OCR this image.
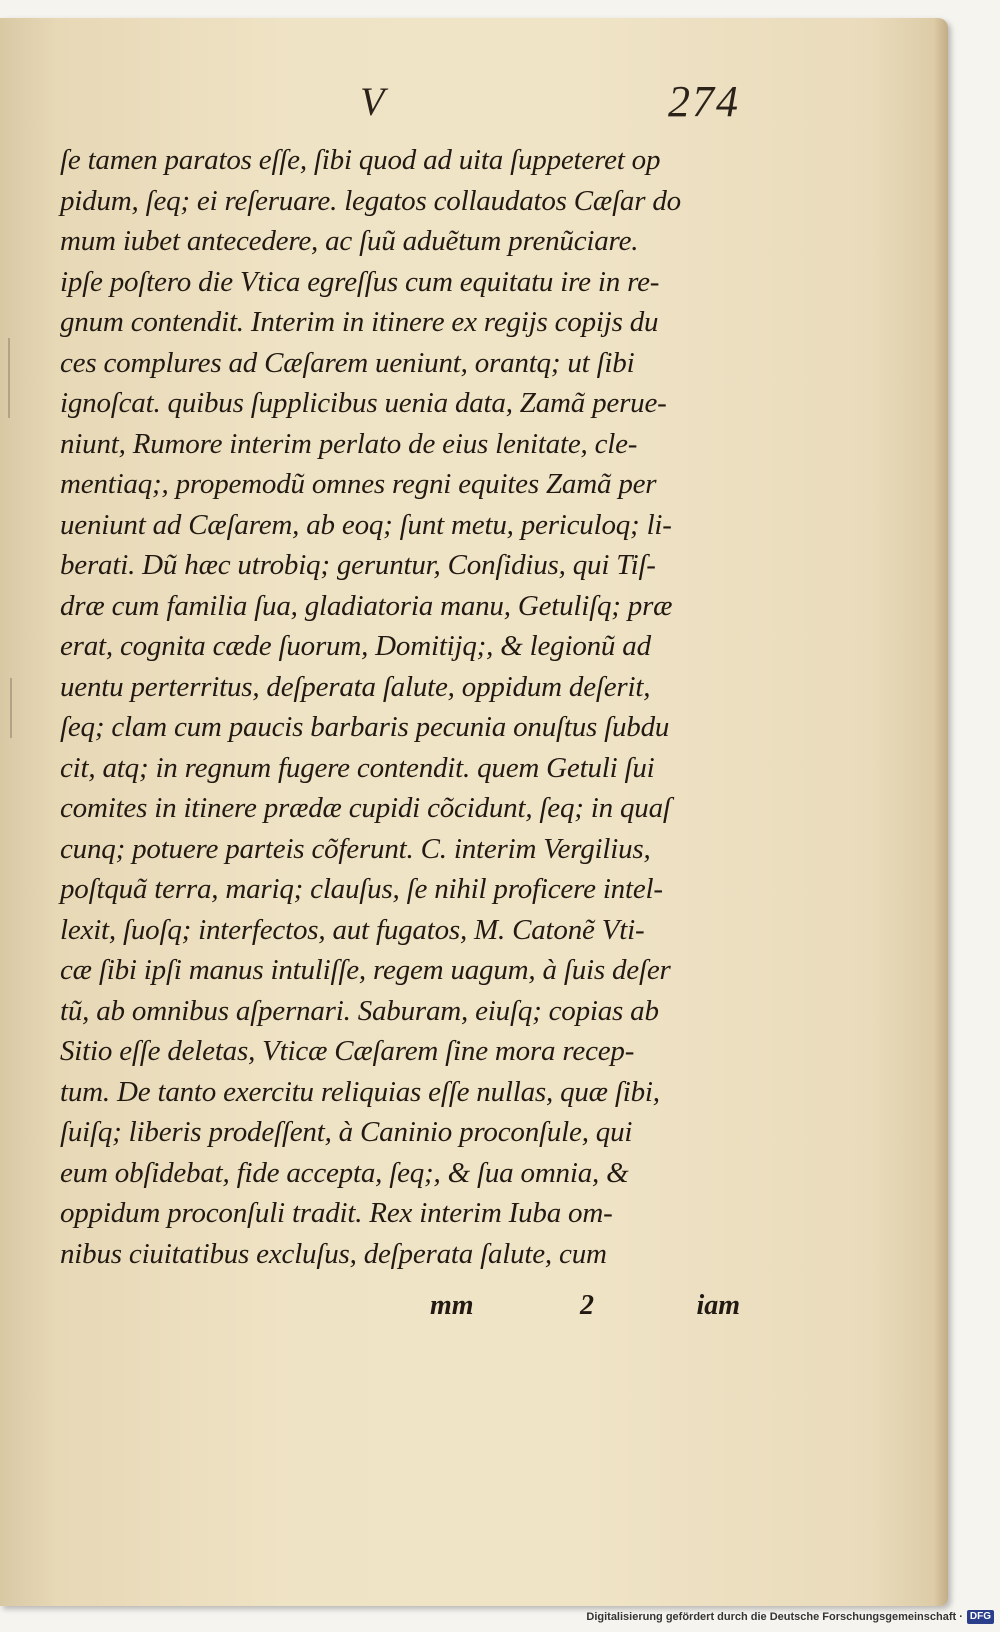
V	274
ſe tamen paratos eſſe, ſibi quod ad uita ſuppeteret op
pidum, ſeq; ei reſeruare. legatos collaudatos Cæſar do
mum iubet antecedere, ac ſuũ aduẽtum prenũciare.
ipſe poſtero die Vtica egreſſus cum equitatu ire in re-
gnum contendit. Interim in itinere ex regijs copijs du
ces complures ad Cæſarem ueniunt, orantq; ut ſibi
ignoſcat. quibus ſupplicibus uenia data, Zamã perue-
niunt, Rumore interim perlato de eius lenitate, cle-
mentiaq;, propemodũ omnes regni equites Zamã per
ueniunt ad Cæſarem, ab eoq; ſunt metu, periculoq; li-
berati. Dũ hæc utrobiq; geruntur, Conſidius, qui Tiſ-
dræ cum familia ſua, gladiatoria manu, Getuliſq; præ
erat, cognita cæde ſuorum, Domitijq;, & legionũ ad
uentu perterritus, deſperata ſalute, oppidum deſerit,
ſeq; clam cum paucis barbaris pecunia onuſtus ſubdu
cit, atq; in regnum fugere contendit. quem Getuli ſui
comites in itinere prædæ cupidi cõcidunt, ſeq; in quaſ
cunq; potuere parteis cõferunt. C. interim Vergilius,
poſtquã terra, mariq; clauſus, ſe nihil proficere intel-
lexit, ſuoſq; interfectos, aut fugatos, M. Catonẽ Vti-
cæ ſibi ipſi manus intuliſſe, regem uagum, à ſuis deſer
tũ, ab omnibus aſpernari. Saburam, eiuſq; copias ab
Sitio eſſe deletas, Vticæ Cæſarem ſine mora recep-
tum. De tanto exercitu reliquias eſſe nullas, quæ ſibi,
ſuiſq; liberis prodeſſent, à Caninio proconſule, qui
eum obſidebat, fide accepta, ſeq;, & ſua omnia, &
oppidum proconſuli tradit. Rex interim Iuba om-
nibus ciuitatibus excluſus, deſperata ſalute, cum
mm	2	iam
Digitalisierung gefördert durch die Deutsche Forschungsgemeinschaft · DFG
